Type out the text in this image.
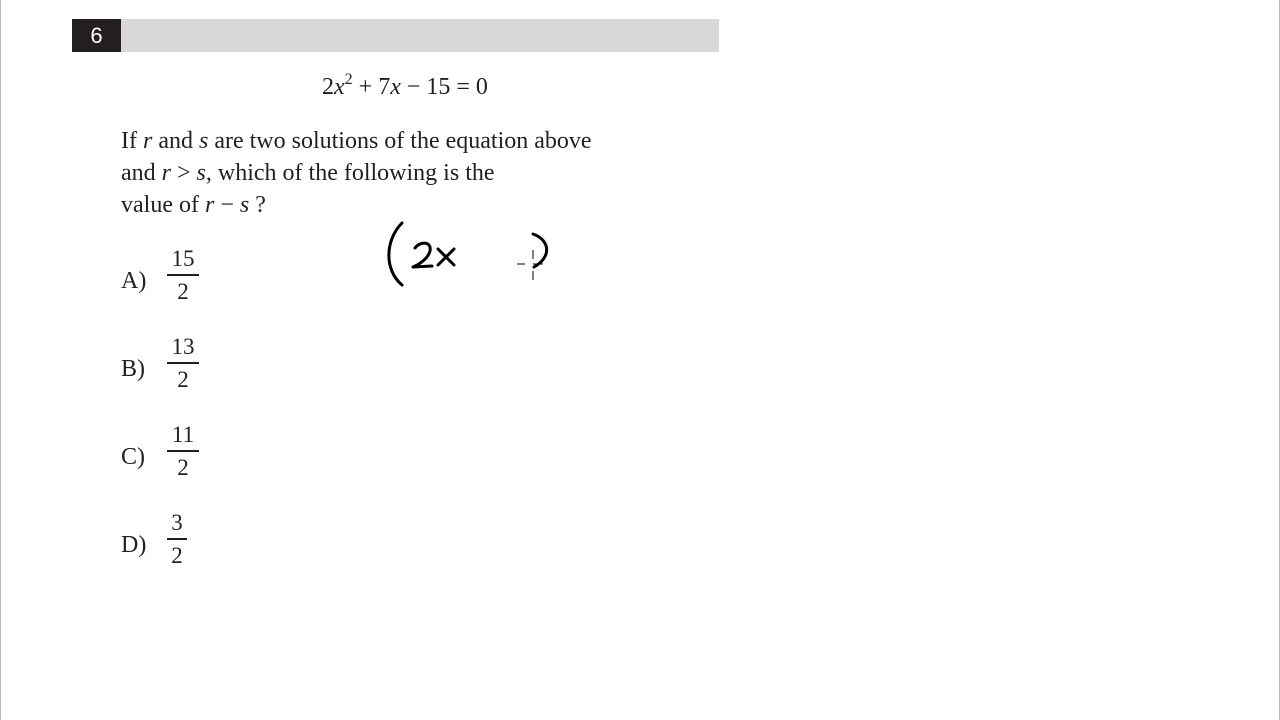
6
$2x^2 + 7x - 15 = 0$
If r and s are two solutions of the equation above
and r > s, which of the following is the
value of r − s ?
A)
15
2
B)
13
2
C)
11
2
D)
3
2
